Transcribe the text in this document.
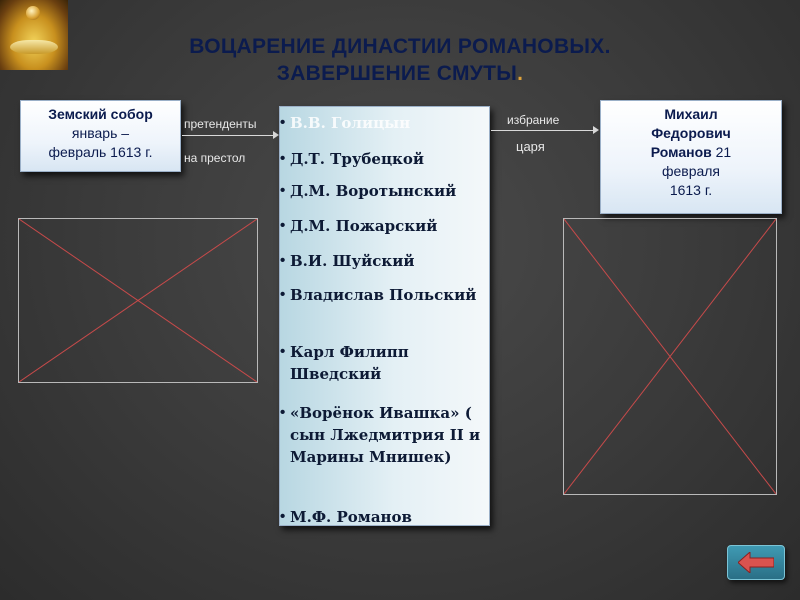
ВОЦАРЕНИЕ ДИНАСТИИ РОМАНОВЫХ.
ЗАВЕРШЕНИЕ СМУТЫ.
Земский собор
январь –
февраль 1613 г.
претенденты
на престол
• В.В. Голицын
• Д.Т. Трубецкой
• Д.М. Воротынский
• Д.М. Пожарский
• В.И. Шуйский
• Владислав Польский
• Карл Филипп Шведский
• «Ворёнок Ивашка» ( сын Лжедмитрия II и Марины Мнишек)
• М.Ф. Романов
избрание
царя
Михаил
Федорович
Романов 21
февраля
1613 г.
